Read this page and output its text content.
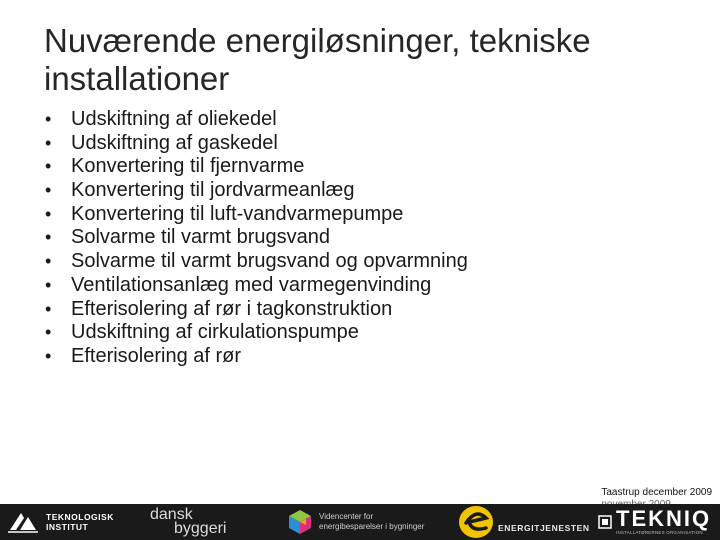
Nuværende energiløsninger, tekniske installationer
• Udskiftning af oliekedel
• Udskiftning af gaskedel
• Konvertering til fjernvarme
• Konvertering til jordvarmeanlæg
• Konvertering til luft-vandvarmepumpe
• Solvarme til varmt brugsvand
• Solvarme til varmt brugsvand og opvarmning
• Ventilationsanlæg med varmegenvinding
• Efterisolering af rør i tagkonstruktion
• Udskiftning af cirkulationspumpe
• Efterisolering af rør
Taastrup december 2009
TEKNOLOGISK
INSTITUT
dansk
byggeri
Videncenter for
energibesparelser i bygninger	ENERGITJENESTEN TEKNIQ
INSTALLATØRERNES ORGANISATION
